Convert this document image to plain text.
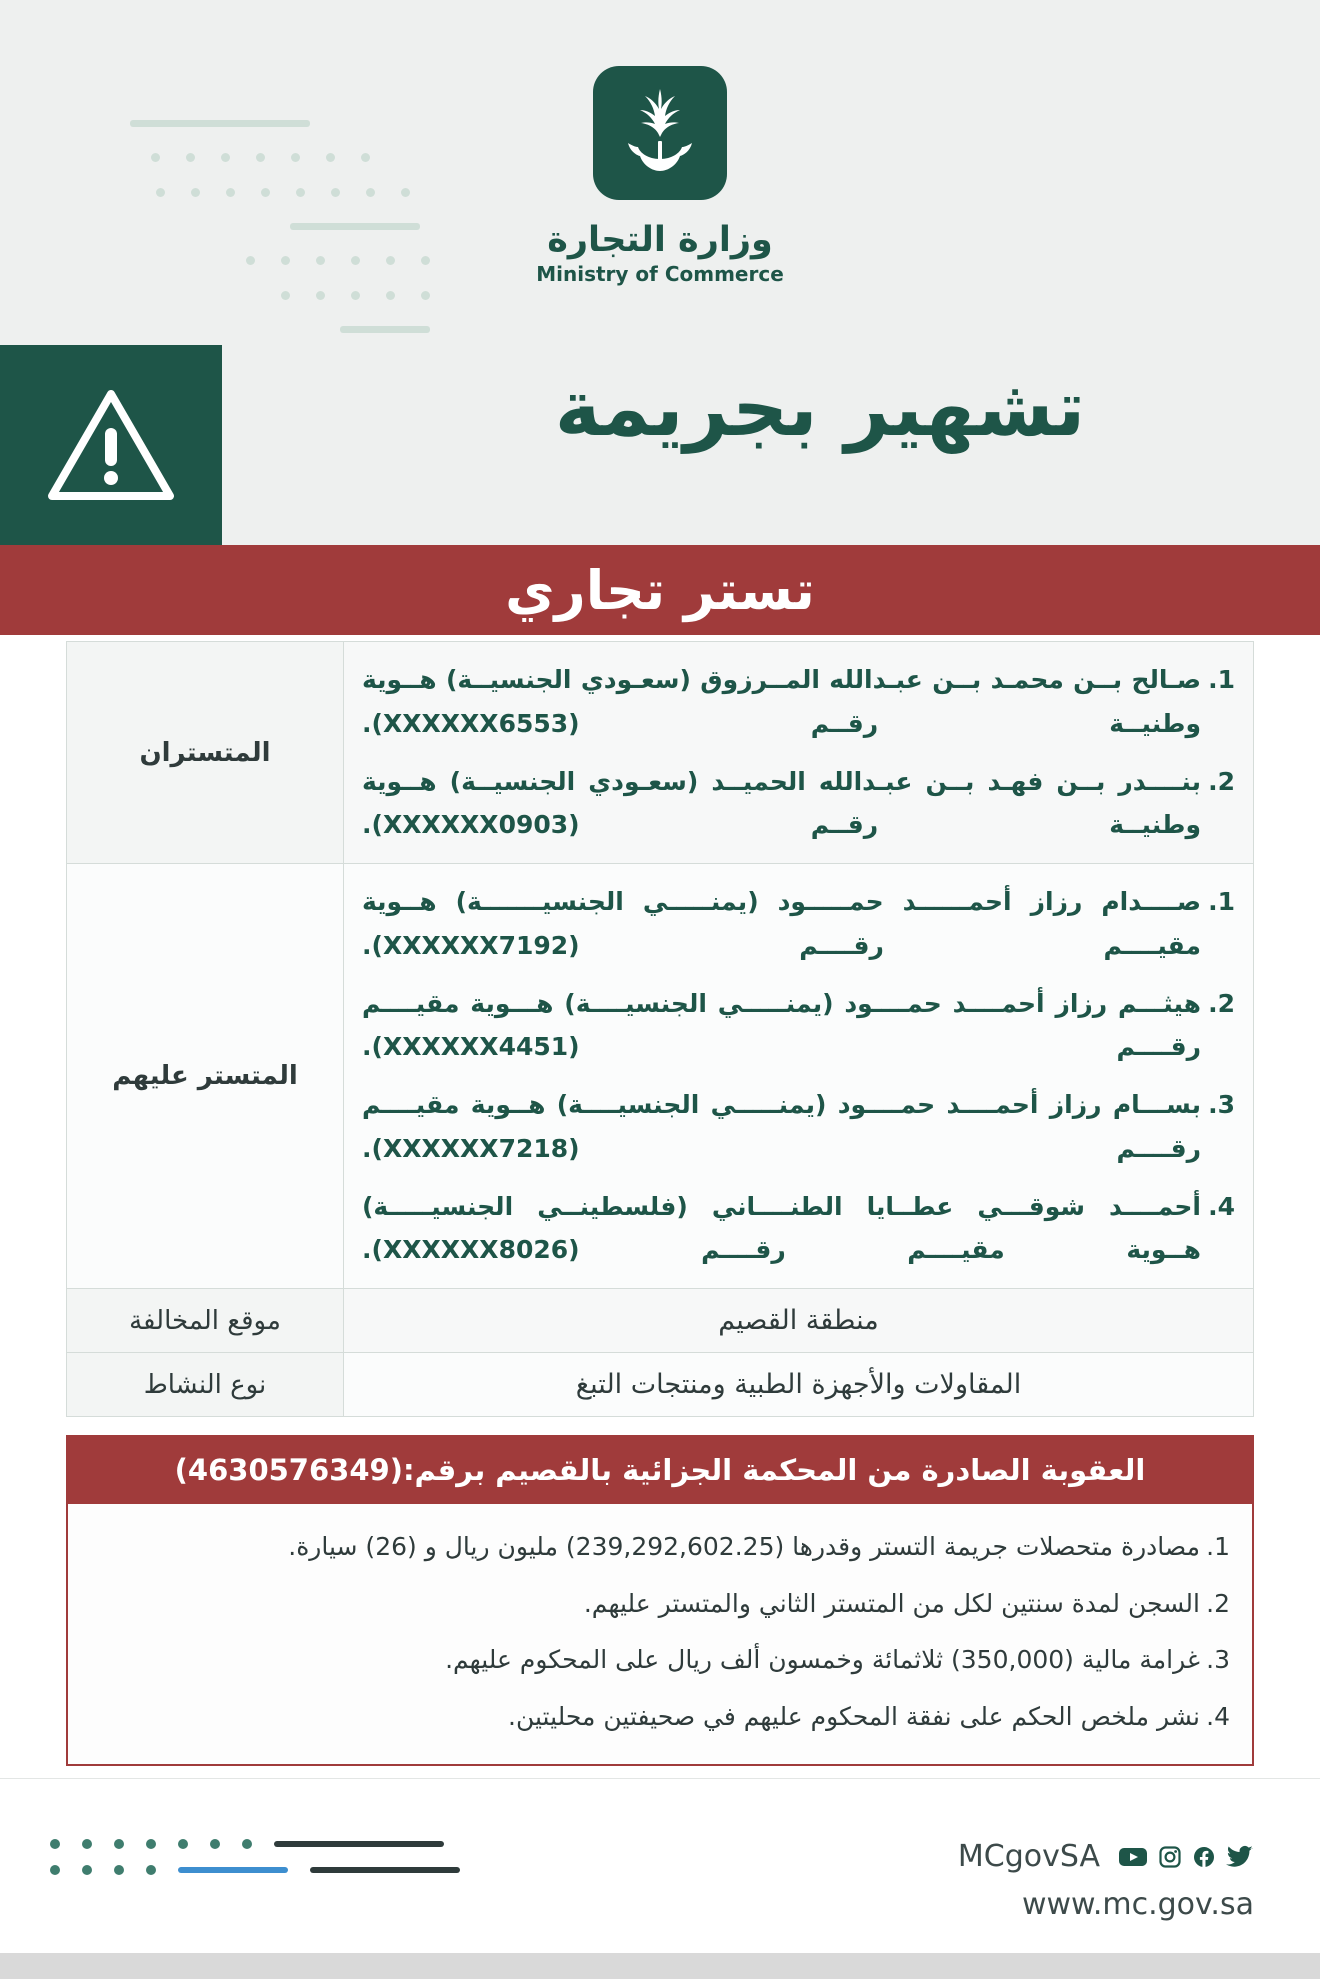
وزارة التجارة
Ministry of Commerce
تشهير بجريمة
تستر تجاري
صـالح بــن محمـد بــن عبـدالله المــرزوق (سعـودي الجنسيــة) هــوية وطنيــة رقــم (XXXXXX6553).
بنــــدر بــن فهـد بــن عبـدالله الحميــد (سعـودي الجنسيــة) هــوية وطنيــة رقــم (XXXXXX0903).
	المتستران

صــــدام رزاز أحمــــــد حمـــــود (يمنـــــي الجنسيـــــــة) هــوية مقيــــم رقــــم (XXXXXX7192).
هيثـــم رزاز أحمــــد حمــــود (يمنـــــي الجنسيــــة) هـــوية مقيــــم رقــــم (XXXXXX4451).
بســـام رزاز أحمــــد حمــــود (يمنـــــي الجنسيــــة) هــوية مقيــــم رقــــم (XXXXXX7218).
أحمــــد شوقـــي عطــايا الطنــــاني (فلسطينــي الجنسيـــــة) هــوية مقيــــم رقــــم (XXXXXX8026).
	المتستر عليهم
منطقة القصيم	موقع المخالفة
المقاولات والأجهزة الطبية ومنتجات التبغ	نوع النشاط
العقوبة الصادرة من المحكمة الجزائية بالقصيم برقم:(4630576349)
مصادرة متحصلات جريمة التستر وقدرها (239,292,602.25) مليون ريال و (26) سيارة.
السجن لمدة سنتين لكل من المتستر الثاني والمتستر عليهم.
غرامة مالية (350,000) ثلاثمائة وخمسون ألف ريال على المحكوم عليهم.
نشر ملخص الحكم على نفقة المحكوم عليهم في صحيفتين محليتين.
MCgovSA
www.mc.gov.sa
